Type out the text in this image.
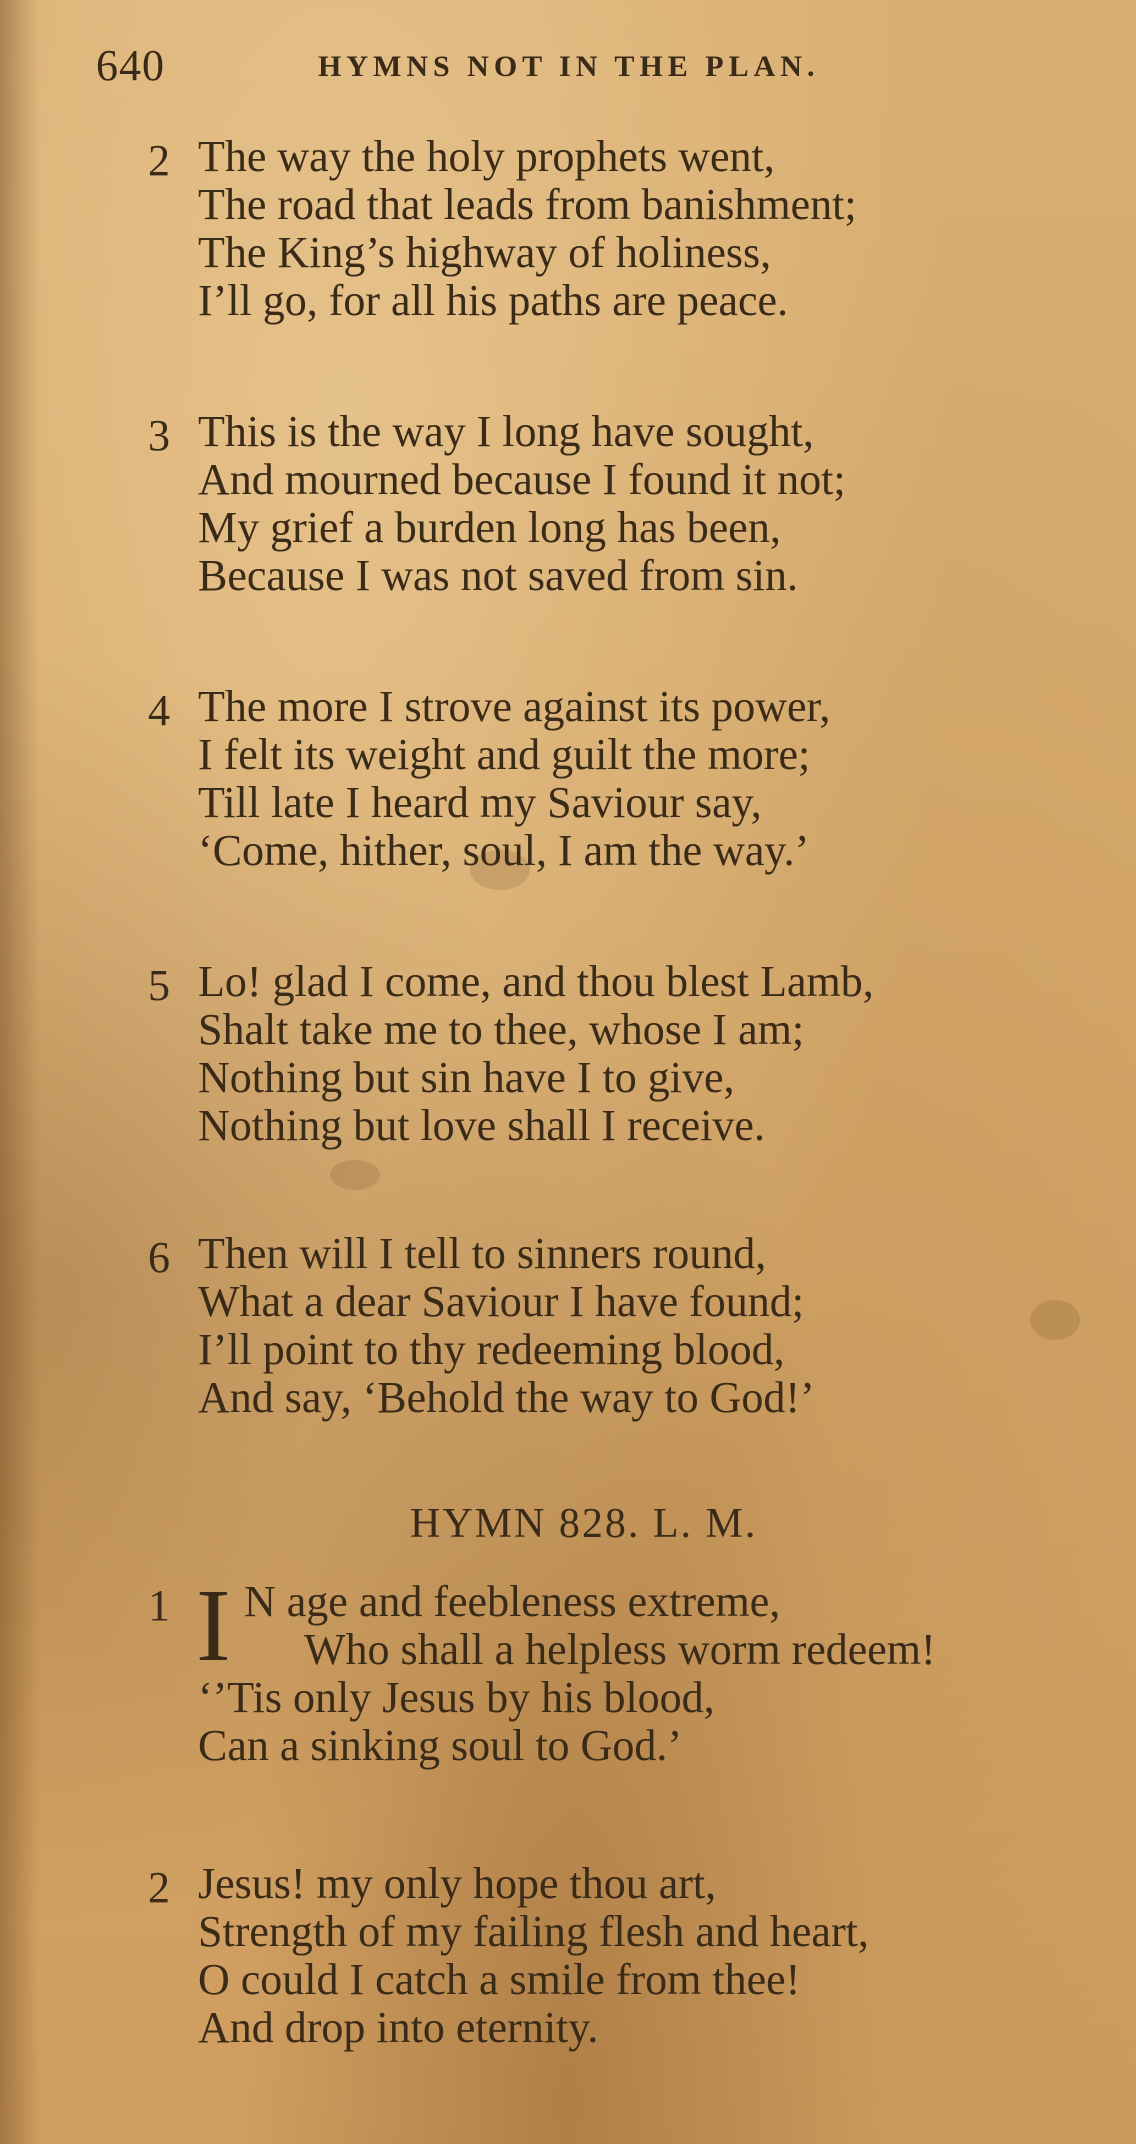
640	HYMNS NOT IN THE PLAN.
2 The way the holy prophets went,
The road that leads from banishment;
The King’s highway of holiness,
I’ll go, for all his paths are peace.
3 This is the way I long have sought,
And mourned because I found it not;
My grief a burden long has been,
Because I was not saved from sin.
4 The more I strove against its power,
I felt its weight and guilt the more;
Till late I heard my Saviour say,
‘Come, hither, soul, I am the way.’
5 Lo! glad I come, and thou blest Lamb,
Shalt take me to thee, whose I am;
Nothing but sin have I to give,
Nothing but love shall I receive.
6 Then will I tell to sinners round,
What a dear Saviour I have found;
I’ll point to thy redeeming blood,
And say, ‘Behold the way to God!’
HYMN 828. L. M.
1 I N age and feebleness extreme,
Who shall a helpless worm redeem!
‘’Tis only Jesus by his blood,
Can a sinking soul to God.’
2 Jesus! my only hope thou art,
Strength of my failing flesh and heart,
O could I catch a smile from thee!
And drop into eternity.
